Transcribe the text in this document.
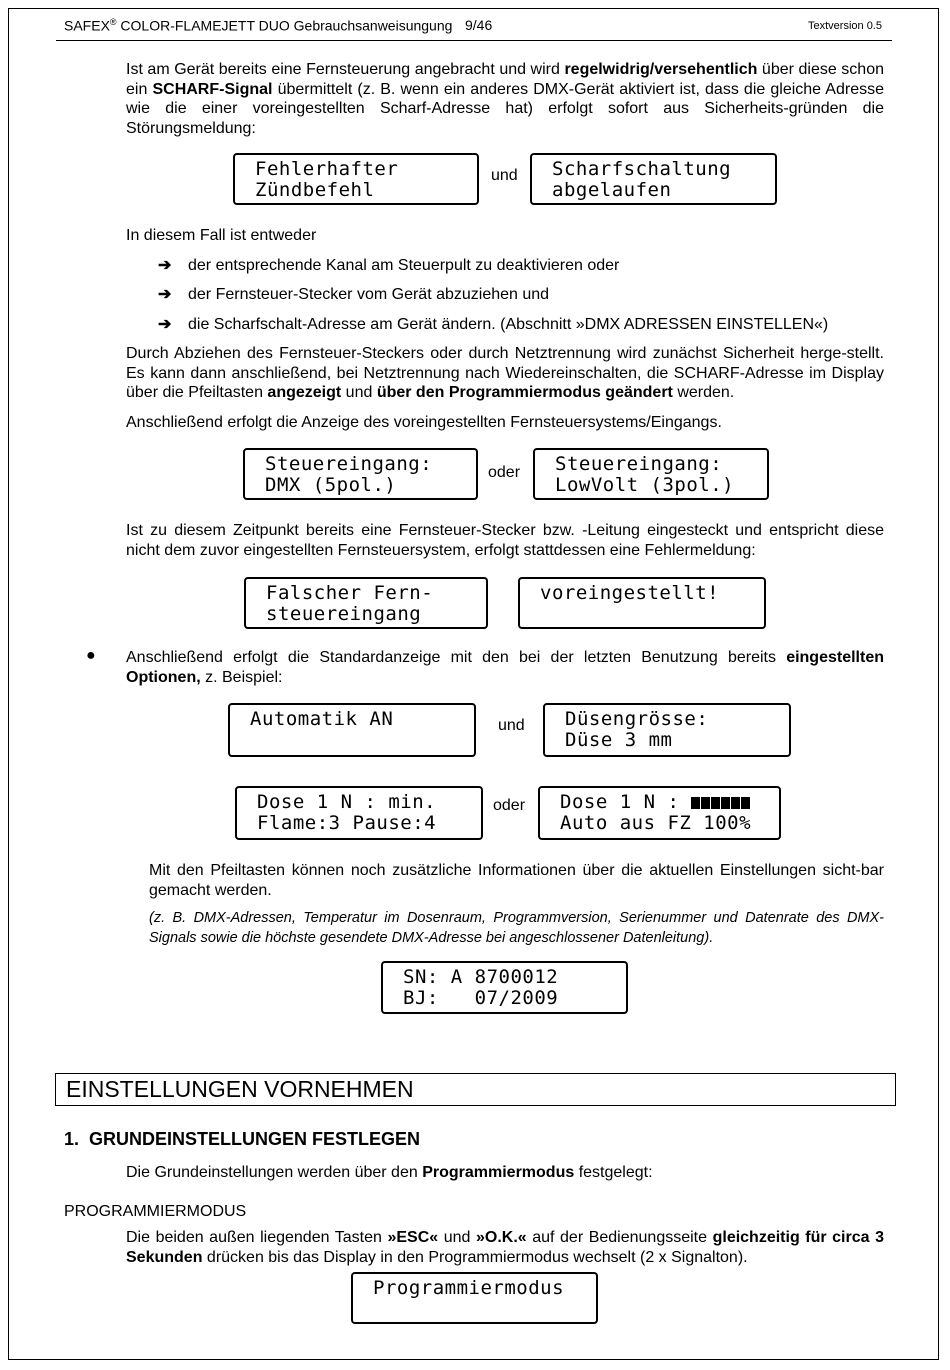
SAFEX® COLOR-FLAMEJETT DUO Gebrauchsanweisungung 9/46	Textversion 0.5
Ist am Gerät bereits eine Fernsteuerung angebracht und wird regelwidrig/versehentlich über diese schon ein SCHARF-Signal übermittelt (z. B. wenn ein anderes DMX-Gerät aktiviert ist, dass die gleiche Adresse wie die einer voreingestellten Scharf-Adresse hat) erfolgt sofort aus Sicherheits-gründen die Störungsmeldung:
Fehlerhafter
Zündbefehl
und	Scharfschaltung
abgelaufen
In diesem Fall ist entweder
➔	der entsprechende Kanal am Steuerpult zu deaktivieren oder
➔	der Fernsteuer-Stecker vom Gerät abzuziehen und
➔	die Scharfschalt-Adresse am Gerät ändern. (Abschnitt »DMX ADRESSEN EINSTELLEN«)
Durch Abziehen des Fernsteuer-Steckers oder durch Netztrennung wird zunächst Sicherheit herge-stellt. Es kann dann anschließend, bei Netztrennung nach Wiedereinschalten, die SCHARF-Adresse im Display über die Pfeiltasten angezeigt und über den Programmiermodus geändert werden.
Anschließend erfolgt die Anzeige des voreingestellten Fernsteuersystems/Eingangs.
Steuereingang:
DMX (5pol.)
oder	Steuereingang:
LowVolt (3pol.)
Ist zu diesem Zeitpunkt bereits eine Fernsteuer-Stecker bzw. -Leitung eingesteckt und entspricht diese nicht dem zuvor eingestellten Fernsteuersystem, erfolgt stattdessen eine Fehlermeldung:
Falscher Fern-
steuereingang
voreingestellt!
● Anschließend erfolgt die Standardanzeige mit den bei der letzten Benutzung bereits eingestellten Optionen, z. Beispiel:
Automatik AN	und	Düsengrösse:
Düse 3 mm
Dose 1 N : min.
Flame:3 Pause:4
oder	Dose 1 N :
Auto aus FZ 100%
Mit den Pfeiltasten können noch zusätzliche Informationen über die aktuellen Einstellungen sicht-bar gemacht werden.
(z. B. DMX-Adressen, Temperatur im Dosenraum, Programmversion, Serienummer und Datenrate des DMX-Signals sowie die höchste gesendete DMX-Adresse bei angeschlossener Datenleitung).
SN: A 8700012
BJ:   07/2009
EINSTELLUNGEN VORNEHMEN
1.  GRUNDEINSTELLUNGEN FESTLEGEN
Die Grundeinstellungen werden über den Programmiermodus festgelegt:
PROGRAMMIERMODUS
Die beiden außen liegenden Tasten »ESC« und »O.K.« auf der Bedienungsseite gleichzeitig für circa 3 Sekunden drücken bis das Display in den Programmiermodus wechselt (2 x Signalton).
Programmiermodus
